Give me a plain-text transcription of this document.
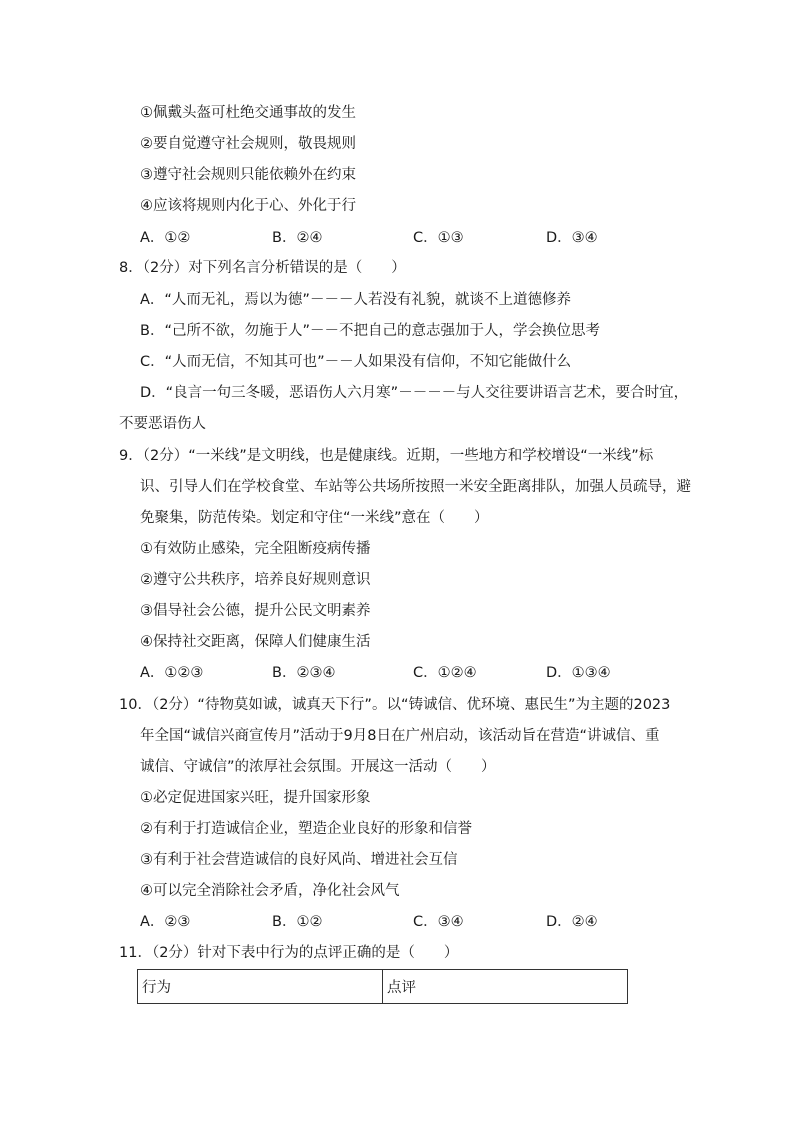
①佩戴头盔可杜绝交通事故的发生
②要自觉遵守社会规则，敬畏规则
③遵守社会规则只能依赖外在约束
④应该将规则内化于心、外化于行
A．①②	B．②④	C．①③	D．③④
8．（2分）对下列名言分析错误的是（　　）
A．“人而无礼，焉以为德”－－－人若没有礼貌，就谈不上道德修养
B．“己所不欲，勿施于人”－－不把自己的意志强加于人，学会换位思考
C．“人而无信，不知其可也”－－人如果没有信仰，不知它能做什么
D．“良言一句三冬暖，恶语伤人六月寒”－－－－与人交往要讲语言艺术，要合时宜，
不要恶语伤人
9．（2分）“一米线”是文明线，也是健康线。近期，一些地方和学校增设“一米线”标
识、引导人们在学校食堂、车站等公共场所按照一米安全距离排队，加强人员疏导，避
免聚集，防范传染。划定和守住“一米线”意在（　　）
①有效防止感染，完全阻断疫病传播
②遵守公共秩序，培养良好规则意识
③倡导社会公德，提升公民文明素养
④保持社交距离，保障人们健康生活
A．①②③	B．②③④	C．①②④	D．①③④
10．（2分）“待物莫如诚，诚真天下行”。以“铸诚信、优环境、惠民生”为主题的2023
年全国“诚信兴商宣传月”活动于9月8日在广州启动，该活动旨在营造“讲诚信、重
诚信、守诚信”的浓厚社会氛围。开展这一活动（　　）
①必定促进国家兴旺，提升国家形象
②有利于打造诚信企业，塑造企业良好的形象和信誉
③有利于社会营造诚信的良好风尚、增进社会互信
④可以完全消除社会矛盾，净化社会风气
A．②③	B．①②	C．③④	D．②④
11．（2分）针对下表中行为的点评正确的是（　　）
行为	点评
